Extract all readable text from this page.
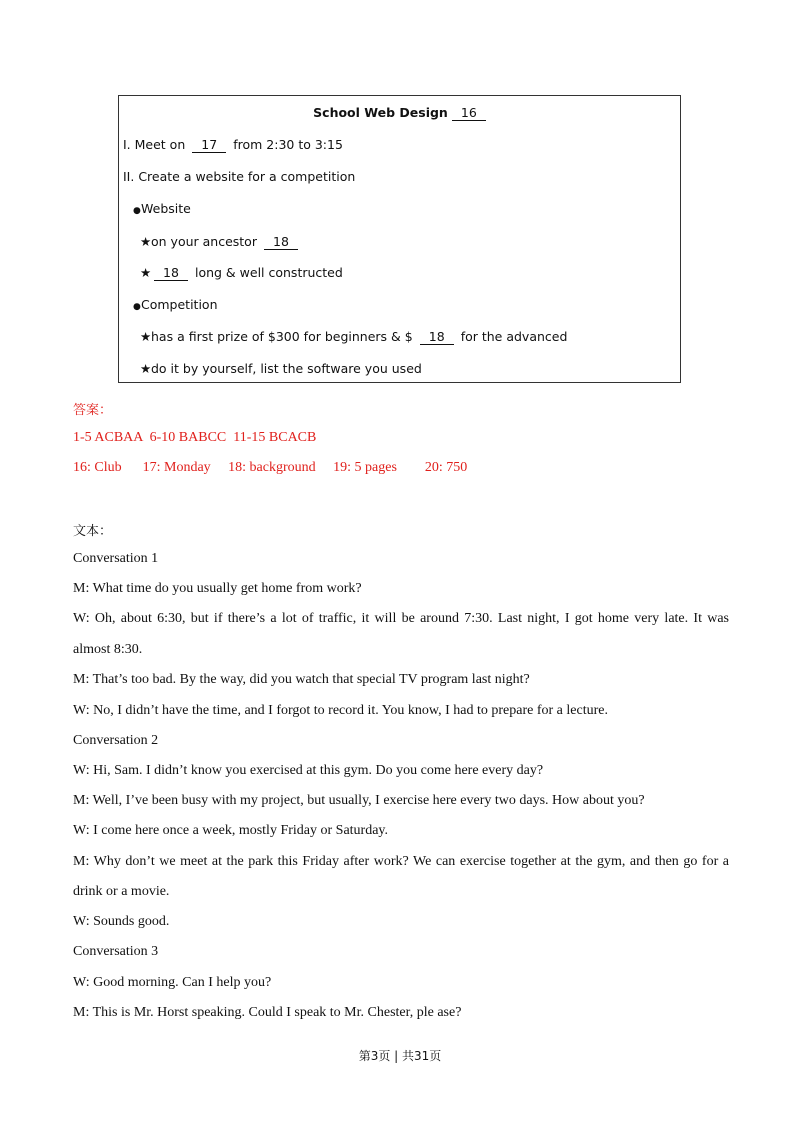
School Web Design 16
I. Meet on 17 from 2:30 to 3:15
II. Create a website for a competition
●Website
★on your ancestor 18
★ 18 long & well constructed
●Competition
★has a first prize of $300 for beginners & $ 18 for the advanced
★do it by yourself, list the software you used
答案：
1-5 ACBAA  6-10 BABCC  11-15 BCACB
16: Club      17: Monday     18: background     19: 5 pages        20: 750
文本：
Conversation 1
M: What time do you usually get home from work?
W: Oh, about 6:30, but if there’s a lot of traffic, it will be around 7:30. Last night, I got home very late. It was
almost 8:30.
M: That’s too bad. By the way, did you watch that special TV program last night?
W: No, I didn’t have the time, and I forgot to record it. You know, I had to prepare for a lecture.
Conversation 2
W: Hi, Sam. I didn’t know you exercised at this gym. Do you come here every day?
M: Well, I’ve been busy with my project, but usually, I exercise here every two days. How about you?
W: I come here once a week, mostly Friday or Saturday.
M: Why don’t we meet at the park this Friday after work? We can exercise together at the gym, and then go for a
drink or a movie.
W: Sounds good.
Conversation 3
W: Good morning. Can I help you?
M: This is Mr. Horst speaking. Could I speak to Mr. Chester, ple ase?
第3页 | 共31页
